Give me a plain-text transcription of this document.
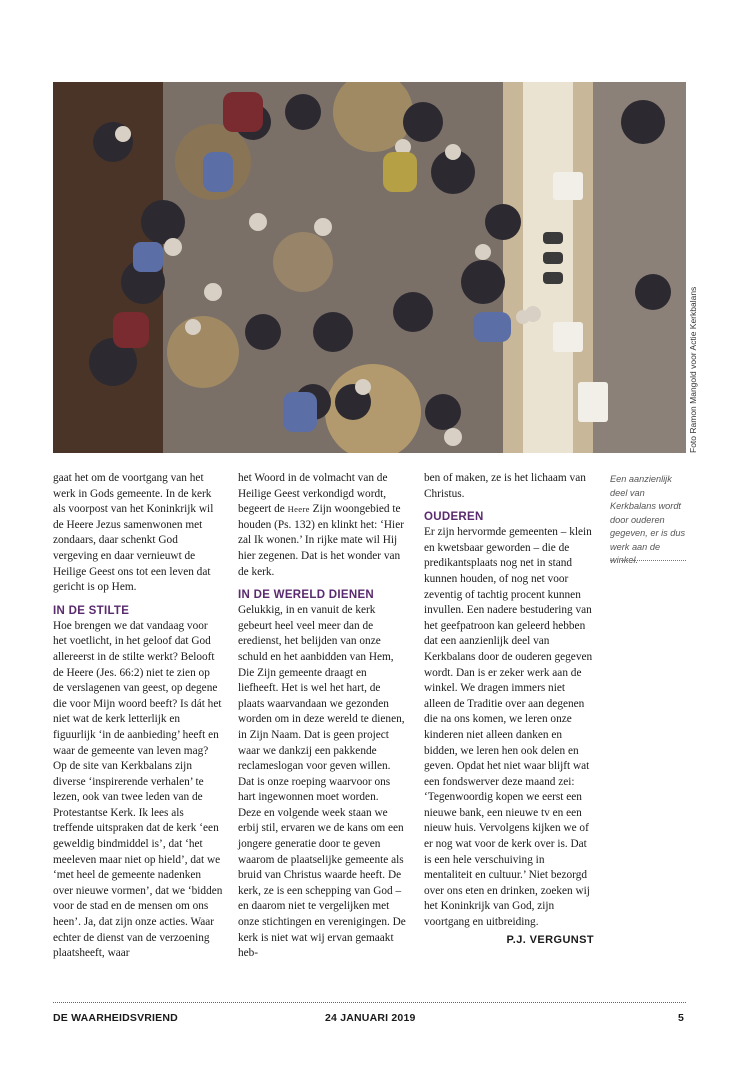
Foto Ramon Mangold voor Actie Kerkbalans

gaat het om de voortgang van het werk in Gods gemeente. In de kerk als voorpost van het Koninkrijk wil de Heere Jezus samenwonen met zondaars, daar schenkt God vergeving en daar vernieuwt de Heilige Geest ons tot een leven dat gericht is op Hem.

IN DE STILTE

Hoe brengen we dat vandaag voor het voetlicht, in het geloof dat God allereerst in de stilte werkt? Belooft de Heere (Jes. 66:2) niet te zien op de verslagenen van geest, op degene die voor Mijn woord beeft? Is dát het niet wat de kerk letterlijk en figuurlijk ‘in de aanbieding’ heeft en waar de gemeente van leven mag?

Op de site van Kerkbalans zijn diverse ‘inspirerende verhalen’ te lezen, ook van twee leden van de Protestantse Kerk. Ik lees als treffende uitspraken dat de kerk ‘een geweldig bindmiddel is’, dat ‘het meeleven maar niet op hield’, dat we ‘met heel de gemeente nadenken over nieuwe vormen’, dat we ‘bidden voor de stad en de mensen om ons heen’. Ja, dat zijn onze acties. Waar echter de dienst van de verzoening plaatsheeft, waar

het Woord in de volmacht van de Heilige Geest verkondigd wordt, begeert de Heere Zijn woongebied te houden (Ps. 132) en klinkt het: ‘Hier zal Ik wonen.’ In rijke mate wil Hij hier zegenen. Dat is het wonder van de kerk.

IN DE WERELD DIENEN

Gelukkig, in en vanuit de kerk gebeurt heel veel meer dan de eredienst, het belijden van onze schuld en het aanbidden van Hem, Die Zijn gemeente draagt en liefheeft. Het is wel het hart, de plaats waarvandaan we gezonden worden om in deze wereld te dienen, in Zijn Naam. Dat is geen project waar we dankzij een pakkende reclameslogan voor geven willen. Dat is onze roeping waarvoor ons hart ingewonnen moet worden.

Deze en volgende week staan we erbij stil, ervaren we de kans om een jongere generatie door te geven waarom de plaatselijke gemeente als bruid van Christus waarde heeft. De kerk, ze is een schepping van God – en daarom niet te vergelijken met onze stichtingen en verenigingen. De kerk is niet wat wij ervan gemaakt heb-

ben of maken, ze is het lichaam van Christus.

OUDEREN

Er zijn hervormde gemeenten – klein en kwetsbaar geworden – die de predikantsplaats nog net in stand kunnen houden, of nog net voor zeventig of tachtig procent kunnen invullen. Een nadere bestudering van het geefpatroon kan geleerd hebben dat een aanzienlijk deel van Kerkbalans door de ouderen gegeven wordt. Dan is er zeker werk aan de winkel. We dragen immers niet alleen de Traditie over aan degenen die na ons komen, we leren onze kinderen niet alleen danken en bidden, we leren hen ook delen en geven. Opdat het niet waar blijft wat een fondswerver deze maand zei: ‘Tegenwoordig kopen we eerst een nieuwe bank, een nieuwe tv en een nieuw huis. Vervolgens kijken we of er nog wat voor de kerk over is. Dat is een hele verschuiving in mentaliteit en cultuur.’ Niet bezorgd over ons eten en drinken, zoeken wij het Koninkrijk van God, zijn voortgang en uitbreiding.

P.J. VERGUNST
Een aanzienlijk deel van Kerkbalans wordt door ouderen gegeven, er is dus werk aan de winkel.
DE WAARHEIDSVRIEND	24 JANUARI 2019	5
